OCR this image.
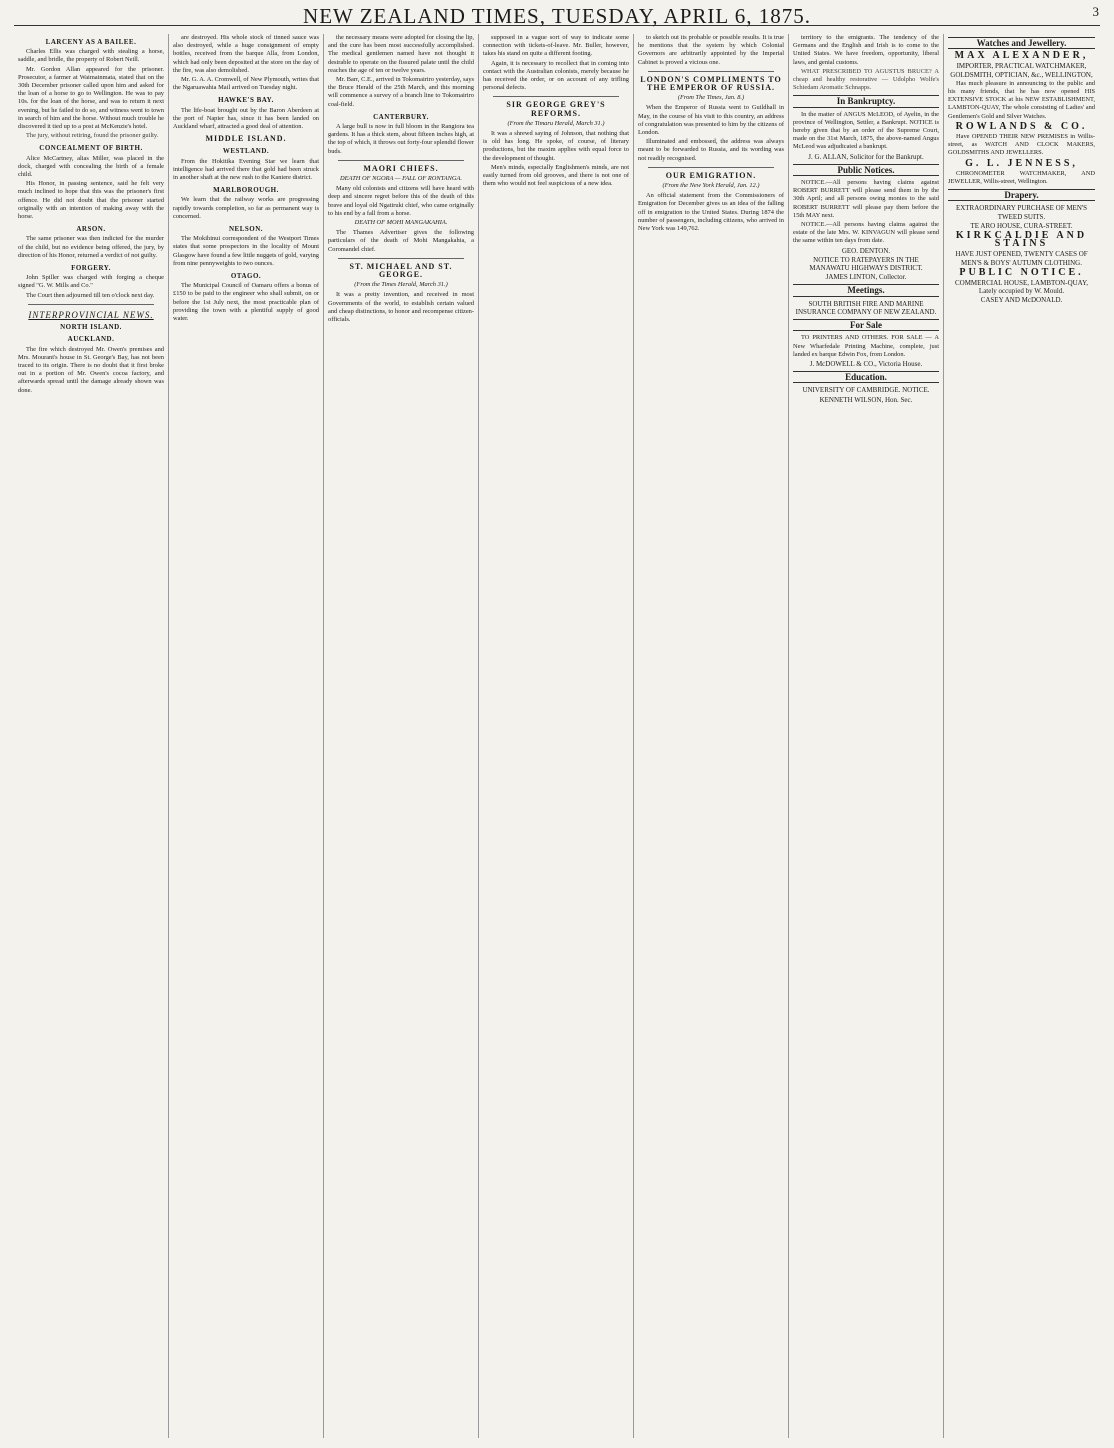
NEW ZEALAND TIMES, TUESDAY, APRIL 6, 1875.	3
LARCENY AS A BAILEE.

Charles Ellis was charged with stealing a horse, saddle, and bridle, the property of Robert Neill.

Mr. Gordon Allan appeared for the prisoner. Prosecutor, a farmer at Waimainmata, stated that on the 30th December prisoner called upon him and asked for the loan of a horse to go to Wellington. He was to pay 10s. for the loan of the horse, and was to return it next evening, but he failed to do so, and witness went to town in search of him and the horse. Without much trouble he discovered it tied up to a post at McKenzie's hotel.

The jury, without retiring, found the prisoner guilty.

CONCEALMENT OF BIRTH.

Alice McCartney, alias Miller, was placed in the dock, charged with concealing the birth of a female child.

His Honor, in passing sentence, said he felt very much inclined to hope that this was the prisoner's first offence. He did not doubt that the prisoner started originally with an intention of making away with the horse.

ARSON.

The same prisoner was then indicted for the murder of the child, but no evidence being offered, the jury, by direction of his Honor, returned a verdict of not guilty.

FORGERY.

John Spiller was charged with forging a cheque signed "G. W. Mills and Co."

The Court then adjourned till ten o'clock next day.

INTERPROVINCIAL NEWS.
NORTH ISLAND.
AUCKLAND.

The fire which destroyed Mr. Owen's premises and Mrs. Mourant's house in St. George's Bay, has not been traced to its origin. There is no doubt that it first broke out in a portion of Mr. Owen's cocoa factory, and afterwards spread until the damage already shown was done.

are destroyed. His whole stock of tinned sauce was also destroyed, while a huge consignment of empty bottles, received from the barque Alla, from London, which had only been deposited at the store on the day of the fire, was also demolished.

Mr. G. A. A. Cromwell, of New Plymouth, writes that the Ngaruawahia Mail arrived on Tuesday night.

HAWKE'S BAY.

The life-boat brought out by the Baron Aberdeen at the port of Napier has, since it has been landed on Auckland wharf, attracted a good deal of attention.

MIDDLE ISLAND.
WESTLAND.

From the Hokitika Evening Star we learn that intelligence had arrived there that gold had been struck in another shaft at the new rush to the Kaniere district.

MARLBOROUGH.

We learn that the railway works are progressing rapidly towards completion, so far as permanent way is concerned.

NELSON.

The Mokihinui correspondent of the Westport Times states that some prospectors in the locality of Mount Glasgow have found a few little nuggets of gold, varying from nine pennyweights to two ounces.

OTAGO.

The Municipal Council of Oamaru offers a bonus of £150 to be paid to the engineer who shall submit, on or before the 1st July next, the most practicable plan of providing the town with a plentiful supply of good water.

the necessary means were adopted for closing the lip, and the cure has been most successfully accomplished. The medical gentlemen named have not thought it desirable to operate on the fissured palate until the child reaches the age of ten or twelve years.

Mr. Barr, C.E., arrived in Tokomairiro yesterday, says the Bruce Herald of the 25th March, and this morning will commence a survey of a branch line to Tokomairiro coal-field.

CANTERBURY.

A large bull is now in full bloom in the Rangiora tea gardens. It has a thick stem, about fifteen inches high, at the top of which, it throws out forty-four splendid flower buds.

MAORI CHIEFS.
DEATH OF NGORA — FALL OF RONTANGA.

Many old colonists and citizens will have heard with deep and sincere regret before this of the death of this brave and loyal old Ngatiruki chief, who came originally to his end by a fall from a horse.

DEATH OF MOHI MANGAKAHIA.

The Thames Advertiser gives the following particulars of the death of Mohi Mangakahia, a Coromandel chief.

ST. MICHAEL AND ST. GEORGE.
(From the Times Herald, March 31.)

It was a pretty invention, and received in most Governments of the world, to establish certain valued and cheap distinctions, to honor and recompense citizen-officials.

supposed in a vague sort of way to indicate some connection with tickets-of-leave. Mr. Buller, however, takes his stand on quite a different footing.

Again, it is necessary to recollect that in coming into contact with the Australian colonists, merely because he has received the order, or on account of any trifling personal defects.

SIR GEORGE GREY'S REFORMS.
(From the Timaru Herald, March 31.)

It was a shrewd saying of Johnson, that nothing that is old has long. He spoke, of course, of literary productions, but the maxim applies with equal force to the development of thought.

Men's minds, especially Englishmen's minds, are not easily turned from old grooves, and there is not one of them who would not feel suspicious of a new idea.

to sketch out its probable or possible results. It is true he mentions that the system by which Colonial Governors are arbitrarily appointed by the Imperial Cabinet is proved a vicious one.

LONDON'S COMPLIMENTS TO THE EMPEROR OF RUSSIA.
(From The Times, Jan. 8.)

When the Emperor of Russia went to Guildhall in May, in the course of his visit to this country, an address of congratulation was presented to him by the citizens of London.

Illuminated and embossed, the address was always meant to be forwarded to Russia, and its wording was not readily recognised.

OUR EMIGRATION.
(From the New York Herald, Jan. 12.)

An official statement from the Commissioners of Emigration for December gives us an idea of the falling off in emigration to the United States. During 1874 the number of passengers, including citizens, who arrived in New York was 149,762.

territory to the emigrants. The tendency of the Germans and the English and Irish is to come to the United States. We have freedom, opportunity, liberal laws, and genial customs.

WHAT PRESCRIBED TO AGUSTUS BRUCE? A cheap and healthy restorative — Udolpho Wolfe's Schiedam Aromatic Schnapps.

In Bankruptcy.

In the matter of ANGUS McLEOD, of Ayelin, in the province of Wellington, Settler, a Bankrupt. NOTICE is hereby given that by an order of the Supreme Court, made on the 31st March, 1875, the above-named Angus McLeod was adjudicated a bankrupt.

J. G. ALLAN, Solicitor for the Bankrupt.
Public Notices.

NOTICE.—All persons having claims against ROBERT BURRETT will please send them in by the 30th April; and all persons owing monies to the said ROBERT BURRETT will please pay them before the 15th MAY next.

NOTICE.—All persons having claims against the estate of the late Mrs. W. KINVAGUN will please send the same within ten days from date.

GEO. DENTON.
NOTICE TO RATEPAYERS IN THE MANAWATU HIGHWAYS DISTRICT.
JAMES LINTON, Collector.
Meetings.
SOUTH BRITISH FIRE AND MARINE INSURANCE COMPANY OF NEW ZEALAND.
For Sale

TO PRINTERS AND OTHERS. FOR SALE — A New Wharfedale Printing Machine, complete, just landed ex barque Edwin Fox, from London.

J. McDOWELL & CO., Victoria House.
Education.
UNIVERSITY OF CAMBRIDGE. NOTICE.
KENNETH WILSON, Hon. Sec.
Watches and Jewellery.
MAX ALEXANDER,
IMPORTER, PRACTICAL WATCHMAKER, GOLDSMITH, OPTICIAN, &c., WELLINGTON,

Has much pleasure in announcing to the public and his many friends, that he has now opened HIS EXTENSIVE STOCK at his NEW ESTABLISHMENT, LAMBTON-QUAY, The whole consisting of Ladies' and Gentlemen's Gold and Silver Watches.

ROWLANDS & CO.

Have OPENED THEIR NEW PREMISES in Willis-street, as WATCH AND CLOCK MAKERS, GOLDSMITHS AND JEWELLERS.

G. L. JENNESS,

CHRONOMETER WATCHMAKER, AND JEWELLER, Willis-street, Wellington.

Drapery.
EXTRAORDINARY PURCHASE OF MEN'S TWEED SUITS.
TE ARO HOUSE, CURA-STREET.
KIRKCALDIE AND STAINS
HAVE JUST OPENED, TWENTY CASES OF MEN'S & BOYS' AUTUMN CLOTHING.
PUBLIC NOTICE.
COMMERCIAL HOUSE, LAMBTON-QUAY, Lately occupied by W. Mould.
CASEY AND McDONALD.
